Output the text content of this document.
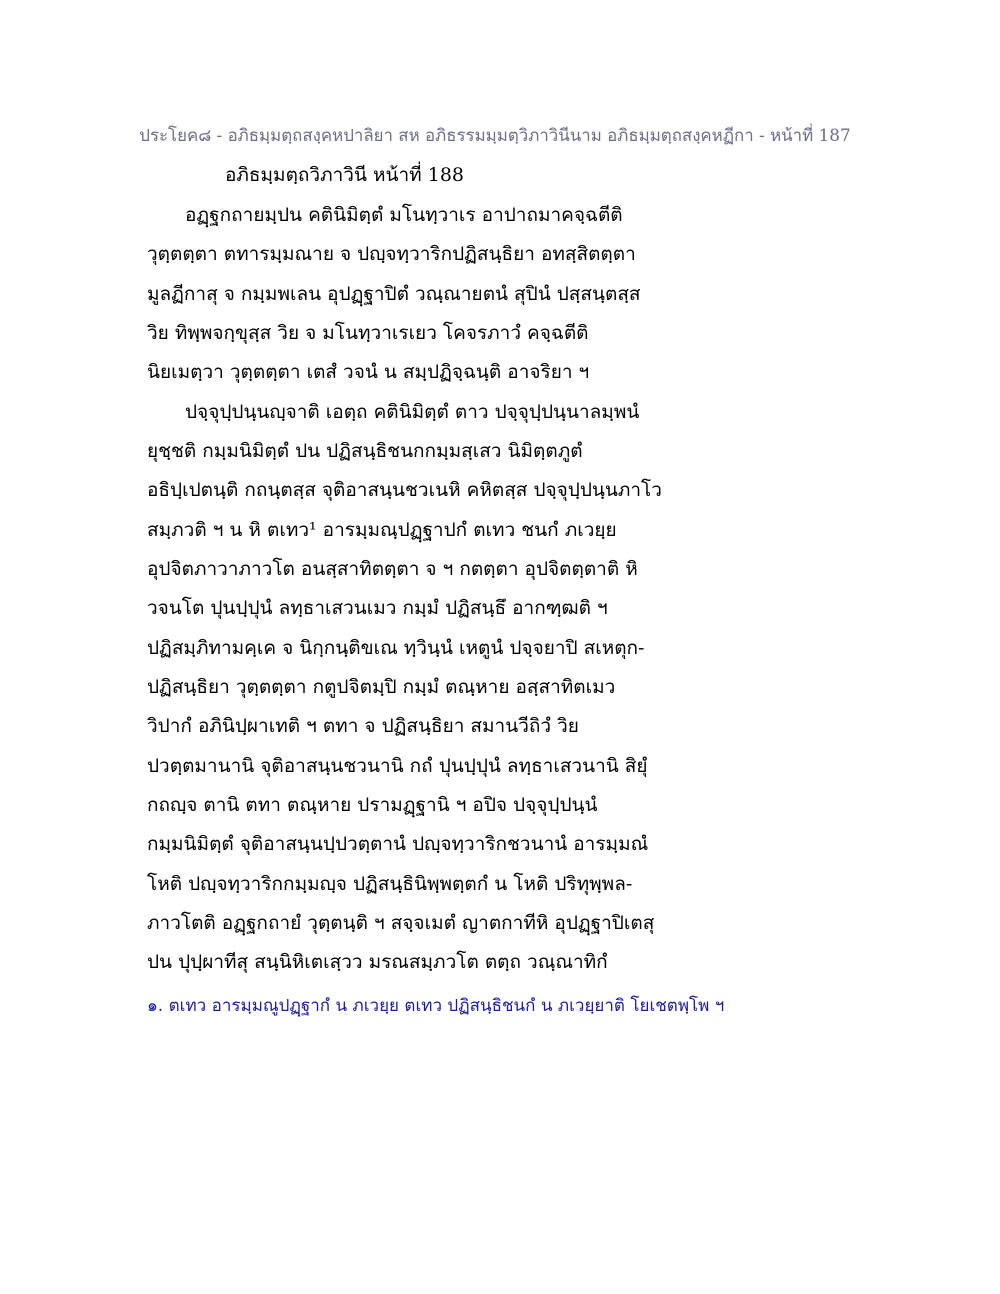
ประโยค๘ - อภิธมฺมตฺถสงฺคหปาลิยา สห อภิธรรมมฺมตฺวิภาวินีนาม อภิธมฺมตฺถสงฺคหฏีกา - หน้าที่ 187
อภิธมฺมตฺถวิภาวินี หน้าที่ 188
อฏฺฐกถายมฺปน คตินิมิตฺตํ มโนทฺวาเร อาปาถมาคจฺฉตีติ
วุตฺตตฺตา ตทารมฺมณาย จ ปญฺจทฺวาริกปฏิสนฺธิยา อทสฺสิตตฺตา
มูลฏีกาสุ จ กมฺมพเลน อุปฏฺฐาปิตํ วณฺณายตนํ สุปินํ ปสฺสนฺตสฺส
วิย ทิพฺพจกฺขุสฺส วิย จ มโนทฺวาเรเยว โคจรภาวํ คจฺฉตีติ
นิยเมตฺวา วุตฺตตฺตา เตสํ วจนํ น สมฺปฏิจฺฉนฺติ อาจริยา ฯ
ปจฺจุปฺปนฺนญฺจาติ เอตฺถ คตินิมิตฺตํ ตาว ปจฺจุปฺปนฺนาลมฺพนํ
ยุชฺชติ กมฺมนิมิตฺตํ ปน ปฏิสนฺธิชนกกมฺมสฺเสว นิมิตฺตภูตํ
อธิปฺเปตนฺติ กถนฺตสฺส จุติอาสนฺนชวเนหิ คหิตสฺส ปจฺจุปฺปนฺนภาโว
สมฺภวติ ฯ น หิ ตเทว¹ อารมฺมณฺปฏฺฐาปกํ ตเทว ชนกํ ภเวยฺย
อุปจิตภาวาภาวโต อนสฺสาทิตตฺตา จ ฯ กตตฺตา อุปจิตตฺตาติ หิ
วจนโต ปุนปฺปุนํ ลทฺธาเสวนเมว กมฺมํ ปฏิสนฺธึ อากฑฺฒติ ฯ
ปฏิสมฺภิทามคฺเค จ นิกฺกนฺติขเณ ทฺวินฺนํ เหตูนํ ปจฺจยาปิ สเหตุก-
ปฏิสนฺธิยา วุตฺตตฺตา กตูปจิตมฺปิ กมฺมํ ตณฺหาย อสฺสาทิตเมว
วิปากํ อภินิปฺผาเทติ ฯ ตทา จ ปฏิสนฺธิยา สมานวีถิวํ วิย
ปวตฺตมานานิ จุติอาสนฺนชวนานิ กถํ ปุนปฺปุนํ ลทฺธาเสวนานิ สิยุํ
กถญฺจ ตานิ ตทา ตณฺหาย ปรามฏฺฐานิ ฯ อปิจ ปจฺจุปฺปนฺนํ
กมฺมนิมิตฺตํ จุติอาสนฺนปฺปวตฺตานํ ปญฺจทฺวาริกชวนานํ อารมฺมณํ
โหติ ปญฺจทฺวาริกกมฺมญฺจ ปฏิสนฺธินิพฺพตฺตกํ น โหติ ปริทุพฺพล-
ภาวโตติ อฏฺฐกถายํ วุตฺตนฺติ ฯ สจฺจเมตํ ญาตกาทีหิ อุปฏฺฐาปิเตสุ
ปน ปุปฺผาทีสุ สนฺนิหิเตเสฺวว มรณสมฺภวโต ตตฺถ วณฺณาทิกํ
๑. ตเทว อารมฺมณูปฏฺฐากํ น ภเวยฺย ตเทว ปฏิสนฺธิชนกํ น ภเวยฺยาติ โยเชตพฺโพ ฯ
